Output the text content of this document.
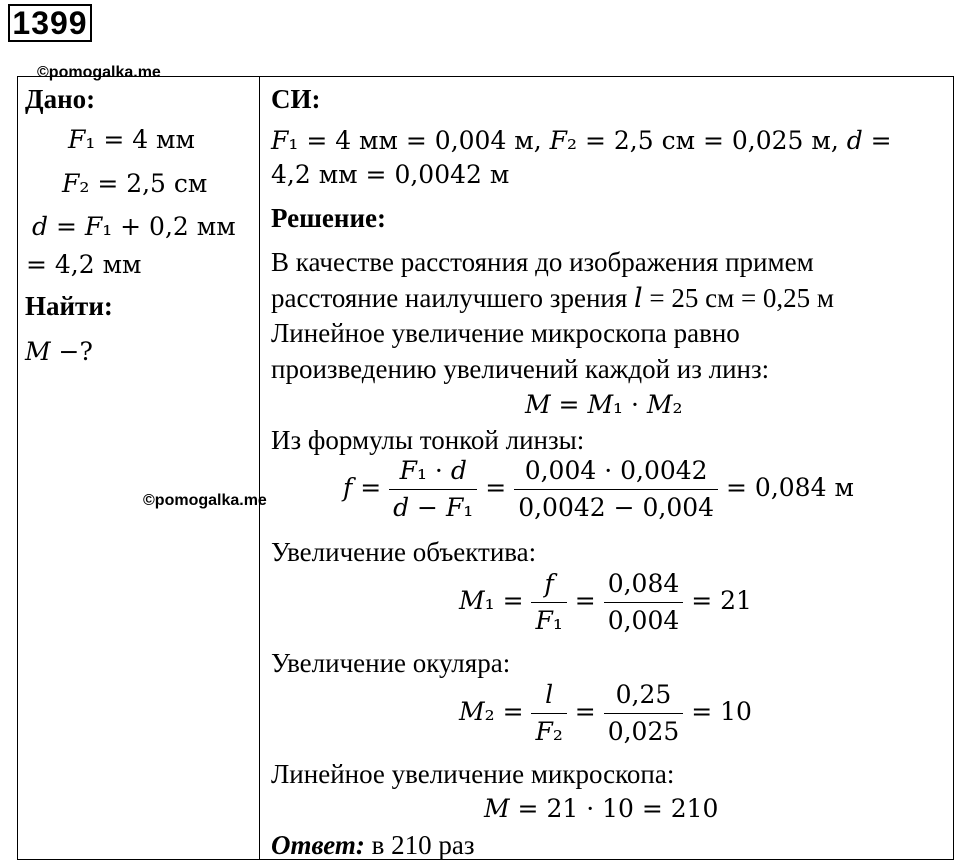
1399
©pomogalka.me
©pomogalka.me
Дано:
𝐹₁ = 4 мм
𝐹₂ = 2,5 см
𝑑 = 𝐹₁ + 0,2 мм
= 4,2 мм
Найти:
𝑀 −?
СИ:
𝐹₁ = 4 мм = 0,004 м, 𝐹₂ = 2,5 см = 0,025 м, 𝑑 =
4,2 мм = 0,0042 м
Решение:
В качестве расстояния до изображения примем
расстояние наилучшего зрения 𝑙 = 25 см = 0,25 м
Линейное увеличение микроскопа равно
произведению увеличений каждой из линз:
𝑀 = 𝑀₁ · 𝑀₂
Из формулы тонкой линзы:
𝑓 = $\frac{\text{𝐹₁ · 𝑑}}{\text{𝑑 − 𝐹₁}} = \frac{0,004 \cdot 0,0042}{0,0042 - 0,004} = 0,084$ м
Увеличение объектива:
𝑀₁ = $\frac{\text{𝑓}}{\text{𝐹₁}} = \frac{0,084}{0,004} = 21$
Увеличение окуляра:
𝑀₂ = $\frac{\text{𝑙}}{\text{𝐹₂}} = \frac{0,25}{0,025} = 10$
Линейное увеличение микроскопа:
𝑀 = 21 · 10 = 210
Ответ: в 210 раз
